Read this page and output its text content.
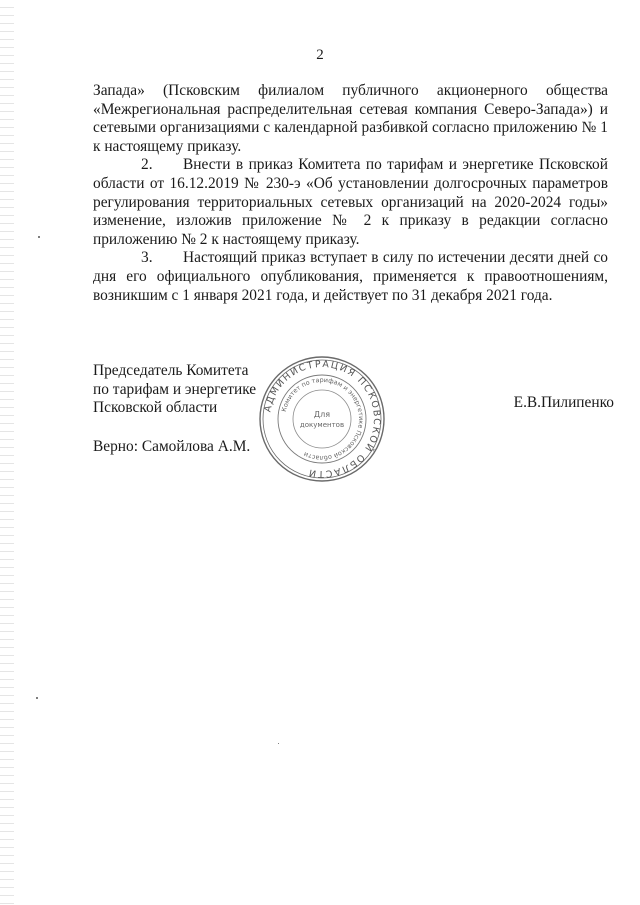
2

Запада» (Псковским филиалом публичного акционерного общества

«Межрегиональная распределительная сетевая компания Северо-Запада») и сетевыми организациями с календарной разбивкой согласно приложению № 1 к настоящему приказу.

2. Внести в приказ Комитета по тарифам и энергетике Псковской области от 16.12.2019 № 230-э «Об установлении долгосрочных параметров регулирования территориальных сетевых организаций на 2020-2024 годы» изменение, изложив приложение № 2 к приказу в редакции согласно приложению № 2 к настоящему приказу.

3. Настоящий приказ вступает в силу по истечении десяти дней со дня его официального опубликования, применяется к правоотношениям, возникшим с 1 января 2021 года, и действует по 31 декабря 2021 года.

Председатель Комитета
по тарифам и энергетике
Псковской области
Верно: Самойлова А.М.
Е.В.Пилипенко
АДМИНИСТРАЦИЯ ПСКОВСКОЙ ОБЛАСТИ
Комитет по тарифам и энергетике Псковской области
Для
документов
